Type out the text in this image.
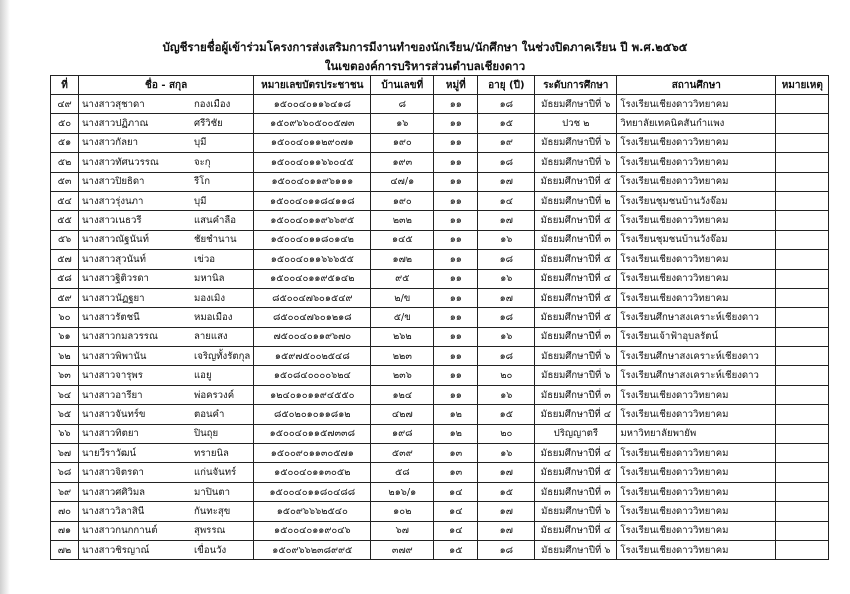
บัญชีรายชื่อผู้เข้าร่วมโครงการส่งเสริมการมีงานทำของนักเรียน/นักศึกษา ในช่วงปิดภาคเรียน ปี พ.ศ.๒๕๖๕
ในเขตองค์การบริหารส่วนตำบลเชียงดาว
ที่	ชื่อ - สกุล	หมายเลขบัตรประชาชน	บ้านเลขที่	หมู่ที่	อายุ (ปี)	ระดับการศึกษา	สถานศึกษา	หมายเหตุ
๔๙	นางสาวสุชาดา กองเมือง	๑๕๐๐๔๐๑๑๖๔๑๘	๘	๑๑	๑๘	มัธยมศึกษาปีที่ ๖	โรงเรียนเชียงดาววิทยาคม	
๕๐	นางสาวปฏิภาณ ศรีวิชัย	๑๕๐๙๖๖๐๕๐๐๕๗๓	๑๖	๑๑	๑๕	ปวช ๒	วิทยาลัยเทคนิคสันกำแพง	
๕๑	นางสาวกัลยา บุมี	๑๕๐๐๔๐๑๑๒๙๐๗๑	๑๙๐	๑๑	๑๙	มัธยมศึกษาปีที่ ๖	โรงเรียนเชียงดาววิทยาคม	
๕๒	นางสาวทัศนวรรณ จะกุ	๑๕๐๐๔๐๑๑๖๖๐๔๕	๑๙๓	๑๑	๑๘	มัธยมศึกษาปีที่ ๖	โรงเรียนเชียงดาววิทยาคม	
๕๓	นางสาวปิยธิดา รีโก	๑๕๐๐๔๐๑๑๙๖๑๑๑	๔๗/๑	๑๑	๑๗	มัธยมศึกษาปีที่ ๕	โรงเรียนเชียงดาววิทยาคม	
๕๔	นางสาวรุ่งนภา บุมี	๑๕๐๐๔๐๑๑๘๔๑๑๘	๑๙๐	๑๑	๑๔	มัธยมศึกษาปีที่ ๒	โรงเรียนชุมชนบ้านวังจ๊อม	
๕๕	นางสาวเนธวรี แสนคำลือ	๑๕๐๐๔๐๑๑๙๖๖๙๕	๒๓๒	๑๑	๑๗	มัธยมศึกษาปีที่ ๕	โรงเรียนเชียงดาววิทยาคม	
๕๖	นางสาวณัฐนันท์ ชัยชำนาน	๑๕๐๐๔๐๑๑๘๐๑๔๒	๑๔๕	๑๑	๑๖	มัธยมศึกษาปีที่ ๓	โรงเรียนชุมชนบ้านวังจ๊อม	
๕๗	นางสาวสุวนันท์ เข่วอ	๑๕๐๐๔๐๑๑๖๖๖๕๕	๑๗๒	๑๑	๑๘	มัธยมศึกษาปีที่ ๕	โรงเรียนเชียงดาววิทยาคม	
๕๘	นางสาวฐิติวรดา มหานิล	๑๕๐๐๔๐๑๑๙๕๑๔๒	๙๕	๑๑	๑๖	มัธยมศึกษาปีที่ ๔	โรงเรียนเชียงดาววิทยาคม	
๕๙	นางสาวนัฏฐยา มองเมิง	๘๕๐๐๔๗๖๐๑๕๔๙	๒/ข	๑๑	๑๗	มัธยมศึกษาปีที่ ๕	โรงเรียนเชียงดาววิทยาคม	
๖๐	นางสาวรัตชนี หมอเมือง	๘๕๐๐๔๗๖๐๑๒๑๘	๕/ข	๑๑	๑๘	มัธยมศึกษาปีที่ ๕	โรงเรียนศึกษาสงเคราะห์เชียงดาว	
๖๑	นางสาวกมลวรรณ ลายแสง	๗๕๐๐๔๐๑๑๙๖๗๐	๒๖๒	๑๑	๑๖	มัธยมศึกษาปีที่ ๓	โรงเรียนเจ้าฟ้าอุบลรัตน์	
๖๒	นางสาวพิพานัน เจริญทั้งรัตกุล	๑๕๙๗๕๐๐๒๕๔๘	๒๒๓	๑๑	๑๘	มัธยมศึกษาปีที่ ๖	โรงเรียนศึกษาสงเคราะห์เชียงดาว	
๖๓	นางสาวจารุพร แอยู	๑๕๐๘๔๐๐๐๐๖๒๔	๒๓๖	๑๑	๒๐	มัธยมศึกษาปีที่ ๖	โรงเรียนศึกษาสงเคราะห์เชียงดาว	
๖๔	นางสาวอารียา พ่อครวงค์	๑๒๔๐๑๐๑๑๙๔๕๕๐	๑๒๔	๑๑	๑๖	มัธยมศึกษาปีที่ ๓	โรงเรียนเชียงดาววิทยาคม	
๖๕	นางสาวจันทร์ข ตอนคำ	๘๕๐๒๐๑๐๑๑๘๑๒	๔๒๗	๑๒	๑๕	มัธยมศึกษาปีที่ ๔	โรงเรียนเชียงดาววิทยาคม	
๖๖	นางสาวทิตยา ปินถุย	๑๕๐๐๔๐๑๑๕๗๓๓๘	๑๙๘	๑๒	๒๐	ปริญญาตรี	มหาวิทยาลัยพายัพ	
๖๗	นายวีราวัฒน์ ทรายนิล	๑๕๐๐๙๐๑๑๓๐๕๗๑	๕๓๙	๑๓	๑๖	มัธยมศึกษาปีที่ ๔	โรงเรียนเชียงดาววิทยาคม	
๖๘	นางสาวจิตรดา แก่นจันทร์	๑๕๐๐๔๐๑๑๓๐๕๒	๕๘	๑๓	๑๗	มัธยมศึกษาปีที่ ๕	โรงเรียนเชียงดาววิทยาคม	
๖๙	นางสาวศศิวิมล มาปินตา	๑๕๐๐๔๐๑๑๘๐๔๘๘	๒๑๖/๑	๑๔	๑๕	มัธยมศึกษาปีที่ ๓	โรงเรียนเชียงดาววิทยาคม	
๗๐	นางสาววิลาสินี กันทะสุข	๑๕๐๙๖๖๖๒๕๔๐	๑๐๒	๑๔	๑๗	มัธยมศึกษาปีที่ ๖	โรงเรียนเชียงดาววิทยาคม	
๗๑	นางสาวกนกกานต์ สุพรรณ	๑๕๐๐๔๐๑๑๙๐๔๖	๖๗	๑๔	๑๗	มัธยมศึกษาปีที่ ๔	โรงเรียนเชียงดาววิทยาคม	
๗๒	นางสาวชิรญาณ์ เขื่อนวัง	๑๕๐๙๖๖๒๓๘๙๙๕	๓๗๙	๑๕	๑๘	มัธยมศึกษาปีที่ ๖	โรงเรียนเชียงดาววิทยาคม	
